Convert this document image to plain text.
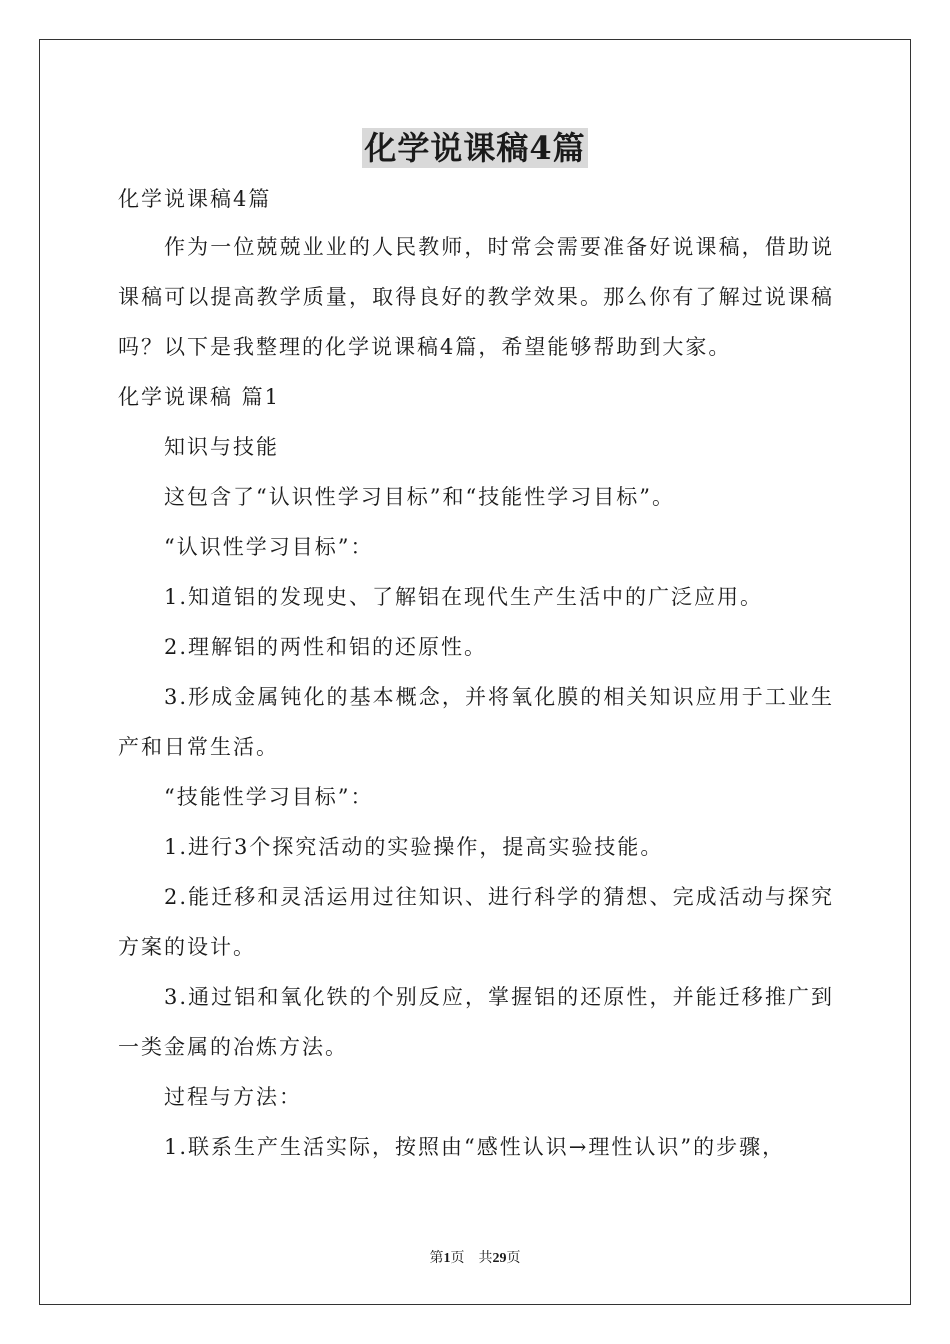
化学说课稿4篇

化学说课稿4篇

作为一位兢兢业业的人民教师，时常会需要准备好说课稿，借助说课稿可以提高教学质量，取得良好的教学效果。那么你有了解过说课稿吗？以下是我整理的化学说课稿4篇，希望能够帮助到大家。

化学说课稿 篇1

知识与技能

这包含了“认识性学习目标”和“技能性学习目标”。

“认识性学习目标”：

1.知道铝的发现史、了解铝在现代生产生活中的广泛应用。

2.理解铝的两性和铝的还原性。

3.形成金属钝化的基本概念，并将氧化膜的相关知识应用于工业生产和日常生活。

“技能性学习目标”：

1.进行3个探究活动的实验操作，提高实验技能。

2.能迁移和灵活运用过往知识、进行科学的猜想、完成活动与探究方案的设计。

3.通过铝和氧化铁的个别反应，掌握铝的还原性，并能迁移推广到一类金属的冶炼方法。

过程与方法：

1.联系生产生活实际，按照由“感性认识→理性认识”的步骤，

第1页 共29页
